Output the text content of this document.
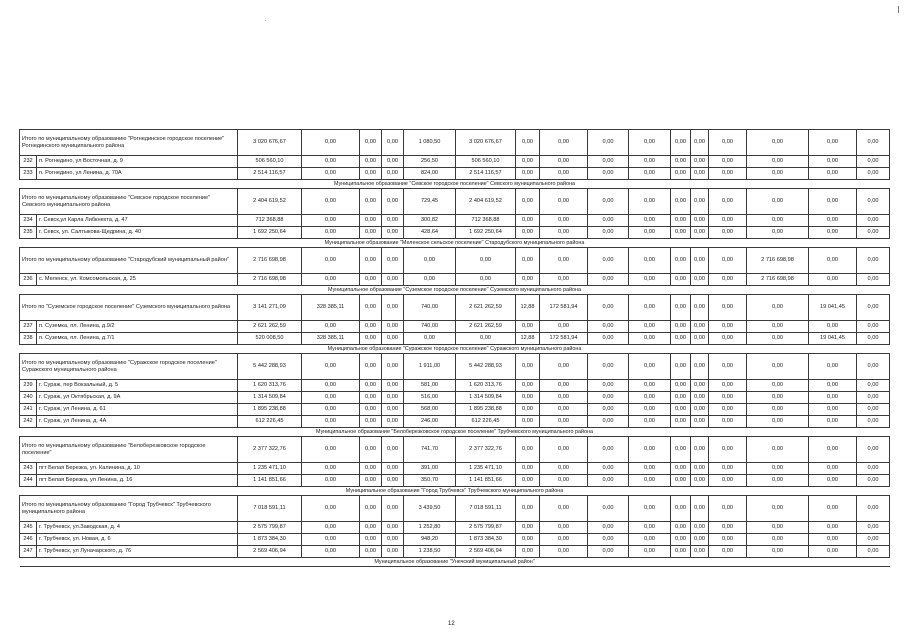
Итого по муниципальному образованию "Рогнединское городское поселение" Рогнединского муниципального района		3 020 676,67	0,00	0,00	0,00	1 080,50	3 020 676,67	0,00	0,00	0,00	0,00	0,00	0,00	0,00	0,00	0,00	0,00
232	п. Рогнедино, ул Восточная, д. 9	506 560,10	0,00	0,00	0,00	256,50	506 560,10	0,00	0,00	0,00	0,00	0,00	0,00	0,00	0,00	0,00	0,00
233	п. Рогнедино, ул Ленина, д. 70А	2 514 116,57	0,00	0,00	0,00	824,00	2 514 116,57	0,00	0,00	0,00	0,00	0,00	0,00	0,00	0,00	0,00	0,00
Муниципальное образование "Севское городское поселение" Севского муниципального района																	
Итого по муниципальному образованию "Севское городское поселение" Севского муниципального района		2 404 619,52	0,00	0,00	0,00	729,45	2 404 619,52	0,00	0,00	0,00	0,00	0,00	0,00	0,00	0,00	0,00	0,00
234	г. Севск,ул Карла Либкнехта, д. 47	712 368,88	0,00	0,00	0,00	300,82	712 368,88	0,00	0,00	0,00	0,00	0,00	0,00	0,00	0,00	0,00	0,00
235	г. Севск, ул. Салтыкова-Щедрина, д. 40	1 692 250,64	0,00	0,00	0,00	428,64	1 692 250,64	0,00	0,00	0,00	0,00	0,00	0,00	0,00	0,00	0,00	0,00
Муниципальное образование "Меленское сельское поселение" Стародубского муниципального района																	
Итого по муниципальному образованию "Стародубский муниципальный район"		2 716 698,98	0,00	0,00	0,00	0,00	0,00	0,00	0,00	0,00	0,00	0,00	0,00	0,00	2 716 698,98	0,00	0,00
236	с. Меленск, ул. Комсомольская, д. 25	2 716 698,98	0,00	0,00	0,00	0,00	0,00	0,00	0,00	0,00	0,00	0,00	0,00	0,00	2 716 698,98	0,00	0,00
Муниципальное образование "Суземское городское поселение" Суземского муниципального района																	
Итого по "Суземское городское поселение" Суземского муниципального района		3 141 271,09	328 385,11	0,00	0,00	740,00	2 621 262,59	12,88	172 581,94	0,00	0,00	0,00	0,00	0,00	0,00	19 041,45	0,00
237	п. Суземка, пл. Ленина, д.9/2	2 621 262,59	0,00	0,00	0,00	740,00	2 621 262,59	0,00	0,00	0,00	0,00	0,00	0,00	0,00	0,00	0,00	0,00
238	п. Суземка, пл. Ленина, д.7/1	520 008,50	328 385,11	0,00	0,00	0,00	0,00	12,88	172 581,94	0,00	0,00	0,00	0,00	0,00	0,00	19 041,45	0,00
Муниципальное образование "Суражское городское поселение" Суражского муниципального района																	
Итого по муниципальному образованию "Суражское городское поселение" Суражского муниципального района		5 442 288,93	0,00	0,00	0,00	1 911,00	5 442 288,93	0,00	0,00	0,00	0,00	0,00	0,00	0,00	0,00	0,00	0,00
239	г. Сураж, пер Вокзальный, д. 5	1 620 313,76	0,00	0,00	0,00	581,00	1 620 313,76	0,00	0,00	0,00	0,00	0,00	0,00	0,00	0,00	0,00	0,00
240	г. Сураж, ул Октябрьская, д. 9А	1 314 509,84	0,00	0,00	0,00	516,00	1 314 509,84	0,00	0,00	0,00	0,00	0,00	0,00	0,00	0,00	0,00	0,00
241	г. Сураж, ул Ленина, д. 61	1 895 238,88	0,00	0,00	0,00	568,00	1 895 238,88	0,00	0,00	0,00	0,00	0,00	0,00	0,00	0,00	0,00	0,00
242	г. Сураж, ул Ленина, д. 4А	612 226,45	0,00	0,00	0,00	246,00	612 226,45	0,00	0,00	0,00	0,00	0,00	0,00	0,00	0,00	0,00	0,00
Муниципальное образование "Белоберезковское городское поселение" Трубчевского муниципального района																	
Итого по муниципальному образованию "Белоберезковское городское поселение"		2 377 322,76	0,00	0,00	0,00	741,70	2 377 322,76	0,00	0,00	0,00	0,00	0,00	0,00	0,00	0,00	0,00	0,00
243	пгт Белая Березка, ул. Калинина, д. 10	1 235 471,10	0,00	0,00	0,00	391,00	1 235 471,10	0,00	0,00	0,00	0,00	0,00	0,00	0,00	0,00	0,00	0,00
244	пгт Белая Березка, ул Ленина, д. 16	1 141 851,66	0,00	0,00	0,00	350,70	1 141 851,66	0,00	0,00	0,00	0,00	0,00	0,00	0,00	0,00	0,00	0,00
Муниципальное образование "Город Трубчевск" Трубчевского муниципального района																	
Итого по муниципальному образованию "Город Трубчевск" Трубчевского муниципального района		7 018 591,11	0,00	0,00	0,00	3 439,50	7 018 591,11	0,00	0,00	0,00	0,00	0,00	0,00	0,00	0,00	0,00	0,00
245	г. Трубчевск, ул.Заводская, д. 4	2 575 799,87	0,00	0,00	0,00	1 252,80	2 575 799,87	0,00	0,00	0,00	0,00	0,00	0,00	0,00	0,00	0,00	0,00
246	г. Трубчевск, ул. Новая, д. 6	1 873 384,30	0,00	0,00	0,00	948,20	1 873 384,30	0,00	0,00	0,00	0,00	0,00	0,00	0,00	0,00	0,00	0,00
247	г. Трубчевск, ул Луначарского, д. 76	2 569 406,94	0,00	0,00	0,00	1 238,50	2 569 406,94	0,00	0,00	0,00	0,00	0,00	0,00	0,00	0,00	0,00	0,00
Муниципальное образование "Унечский муниципальный район"																	
12
